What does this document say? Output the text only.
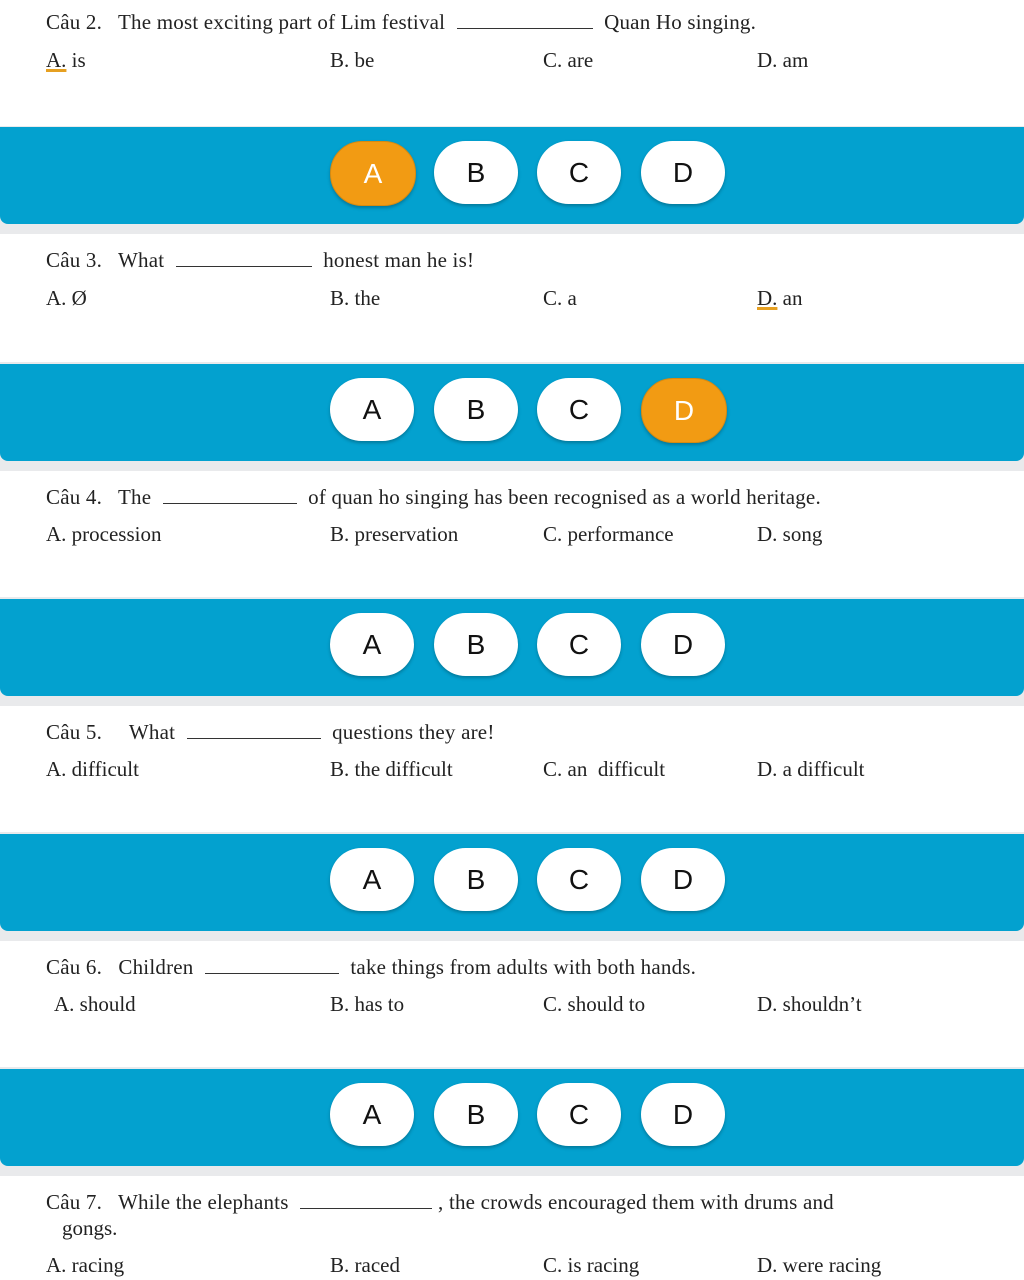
Câu 2. The most exciting part of Lim festival	Quan Ho singing.
A. is	B. be	C. are	D. am
A	B	C	D
Câu 3. What	honest man he is!
A. Ø	B. the	C. a	D. an
A	B	C	D
Câu 4. The	of quan ho singing has been recognised as a world heritage.
A. procession	B. preservation	C. performance	D. song
A	B	C	D
Câu 5. What	questions they are!
A. difficult	B. the difficult	C. an  difficult	D. a difficult
A	B	C	D
Câu 6. Children	take things from adults with both hands.
A. should	B. has to	C. should to	D. shouldn’t
A	B	C	D
Câu 7. While the elephants	, the crowds encouraged them with drums and
gongs.
A. racing	B. raced	C. is racing	D. were racing
